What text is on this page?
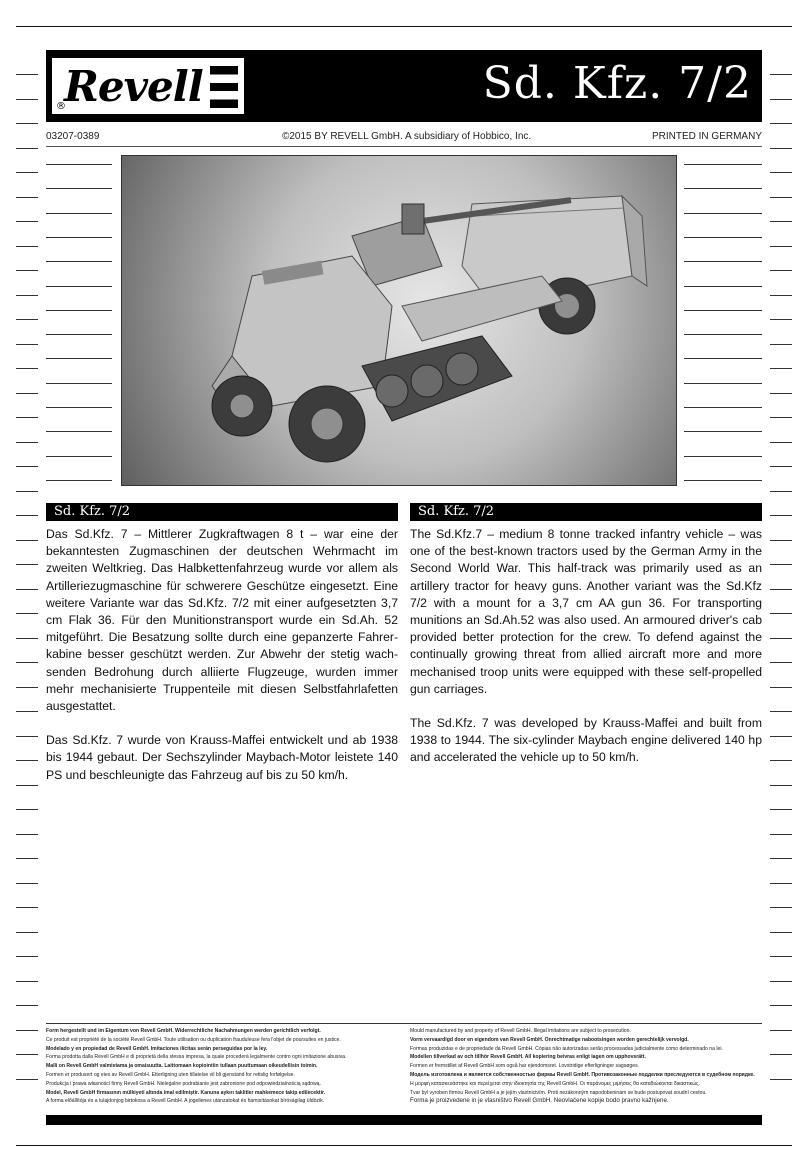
Revell
®	Sd. Kfz. 7/2
03207-0389	©2015 BY REVELL GmbH. A subsidiary of Hobbico, Inc.	PRINTED IN GERMANY
Sd. Kfz. 7/2	Sd. Kfz. 7/2

Das Sd.Kfz. 7 – Mittlerer Zugkraftwagen 8 t – war eine der bekanntesten Zugmaschinen der deutschen Wehrmacht im zweiten Weltkrieg. Das Halbkettenfahrzeug wurde vor allem als Artilleriezugmaschine für schwerere Geschütze eingesetzt. Eine weitere Variante war das Sd.Kfz. 7/2 mit einer aufgesetzten 3,7 cm Flak 36. Für den Munitionstransport wurde ein Sd.Ah. 52 mitgeführt. Die Besatzung sollte durch eine gepanzerte Fahrer-kabine besser geschützt werden. Zur Abwehr der stetig wach-senden Bedrohung durch alliierte Flugzeuge, wurden immer mehr mechanisierte Truppenteile mit diesen Selbstfahrlafetten ausgestattet.

Das Sd.Kfz. 7 wurde von Krauss-Maffei entwickelt und ab 1938 bis 1944 gebaut. Der Sechszylinder Maybach-Motor leistete 140 PS und beschleunigte das Fahrzeug auf bis zu 50 km/h.

The Sd.Kfz.7 – medium 8 tonne tracked infantry vehicle – was one of the best-known tractors used by the German Army in the Second World War. This half-track was primarily used as an artillery tractor for heavy guns. Another variant was the Sd.Kfz 7/2 with a mount for a 3,7 cm AA gun 36. For transporting munitions an Sd.Ah.52 was also used. An armoured driver's cab provided better protection for the crew. To defend against the continually growing threat from allied aircraft more and more mechanised troop units were equipped with these self-propelled gun carriages.

The Sd.Kfz. 7 was developed by Krauss-Maffei and built from 1938 to 1944. The six-cylinder Maybach engine delivered 140 hp and accelerated the vehicle up to 50 km/h.

Form hergestellt und im Eigentum von Revell GmbH. Widerrechtliche Nachahmungen werden gerichtlich verfolgt.
Ce produit est propriété de la société Revell GmbH. Toute utilisation ou duplication frauduleuse fera l'objet de poursuites en justice.
Modelado y en propiedad de Revell GmbH. Imitaciones ilícitas serán perseguidas por la ley.
Forma prodotta dalla Revell GmbH e di proprietà della stessa impresa, la quale procederà legalmente contro ogni imitazione abusiva.
Malli on Revell GmbH valmistama ja omaisuutta. Laittomaan kopiointiin tullaan puuttumaan oikeudellisin toimin.
Formen er produsert og eies av Revell GmbH. Etterligning uten tillatelse vil bli gjenstand for rettslig forfølgelse.
Produkcja i prawa własności firmy Revell GmbH. Nielegalne podrabianie jest zabronione pod odpowiedzialnością sądową.
Model, Revell GmbH firmasının mülkiyeti altında imal edilmiştir. Kanuna aykırı taklitler mahkemece takip edilecektir.
A forma előállítója és a tulajdonjog birtokosa a Revell GmbH. A jogellenes utánzatokat és hamisításokat bíróságilag üldözik.
Mould manufactured by and property of Revell GmbH. Illegal imitations are subject to prosecution.
Vorm vervaardigd door en eigendom van Revell GmbH. Onrechtmatige nabootsingen worden gerechtelijk vervolgd.
Formas produzidas e de propriedade da Revell GmbH. Cópias não autorizadas serão processadas judicialmente como determinado na lei.
Modellen tillverkad av och tillhör Revell GmbH. All kopiering beivras enligt lagen om upphovsrätt.
Formen er fremstillet af Revell GmbH som også har ejendomsret. Lovstridige efterligninger sagsøges.
Модель изготовлена и является собственностью фирмы Revell GmbH. Противозаконные подделки преследуются в судебном порядке.
Η μορφή κατασκευάστηκε και περιέχεται στην ιδιοκτησία της Revell GmbH. Οι παράνομες μιμήσεις θα καταδιώκονται δικαστικώς.
Tvar byl vyroben firmou Revell GmbH a je jejím vlastnictvím. Proti nezákonným napodobeninám se bude postupovat soudní cestou.
Forma je proizvedene in je vlasništvo Revell GmbH. Neovlačene kopije bodo pravno kažnjene.
